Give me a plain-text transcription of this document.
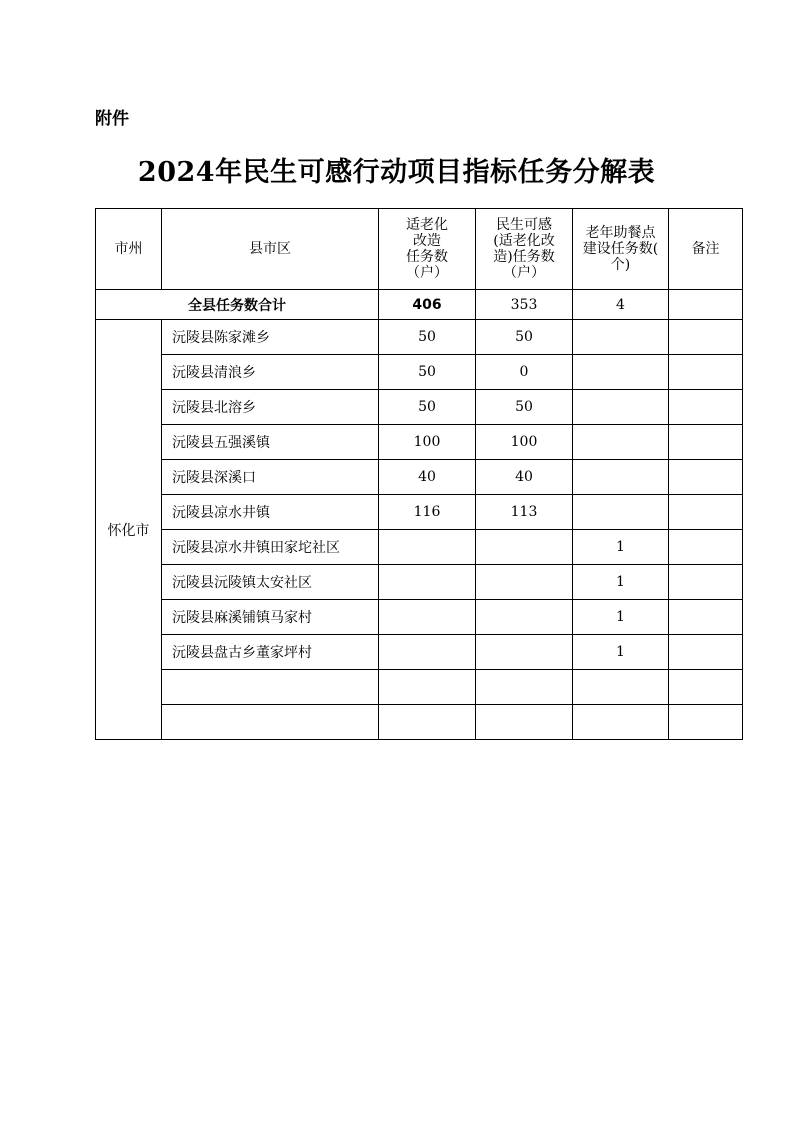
附件
2024年民生可感行动项目指标任务分解表
市州	县市区	适老化
改造
任务数
（户）	民生可感
(适老化改
造)任务数
（户）	老年助餐点
建设任务数(
个)	备注
全县任务数合计		406	353	4	
怀化市	沅陵县陈家滩乡	50	50		
	沅陵县清浪乡	50	0		
	沅陵县北溶乡	50	50		
	沅陵县五强溪镇	100	100		
	沅陵县深溪口	40	40		
	沅陵县凉水井镇	116	113		
	沅陵县凉水井镇田家坨社区			1	
	沅陵县沅陵镇太安社区			1	
	沅陵县麻溪铺镇马家村			1	
	沅陵县盘古乡董家坪村			1	
